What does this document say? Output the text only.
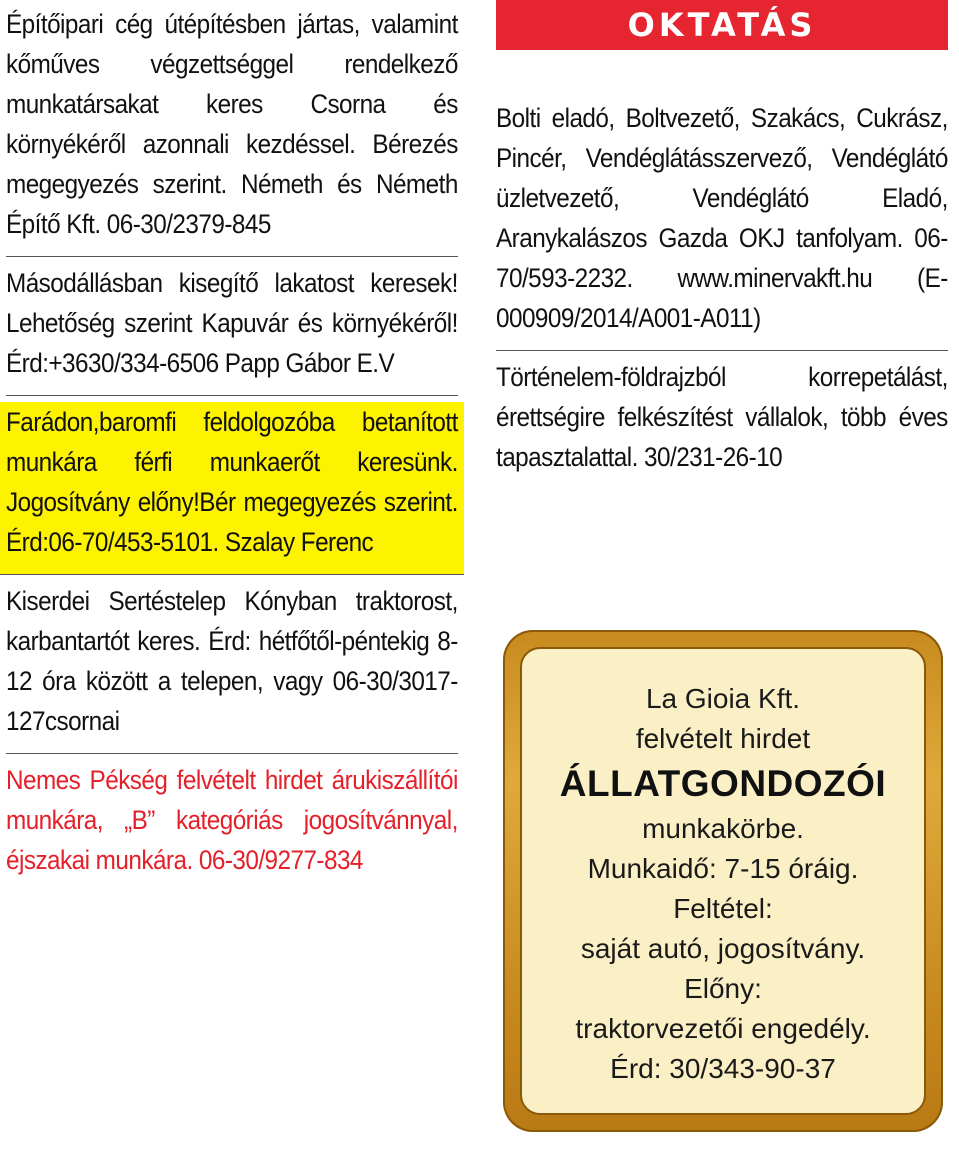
Építőipari cég útépítésben jártas, valamint kőműves végzettséggel rendelkező munkatársakat keres Csorna és környékéről azonnali kezdéssel. Bérezés megegyezés szerint. Németh és Németh Építő Kft. 06-30/2379-845

Másodállásban kisegítő lakatost keresek! Lehetőség szerint Kapuvár és környékéről! Érd:+3630/334-6506 Papp Gábor E.V

Farádon,baromfi feldolgozóba betanított munkára férfi munkaerőt keresünk. Jogosítvány előny!Bér megegyezés szerint. Érd:06-70/453-5101. Szalay Ferenc

Kiserdei Sertéstelep Kónyban traktorost, karbantartót keres. Érd: hétfőtől-péntekig 8-12 óra között a telepen, vagy 06-30/3017-127csornai

Nemes Pékség felvételt hirdet árukiszállítói munkára, „B” kategóriás jogosítvánnyal, éjszakai munkára. 06-30/9277-834

OKTATÁS

Bolti eladó, Boltvezető, Szakács, Cukrász, Pincér, Vendéglátásszervező, Vendéglátó üzletvezető, Vendéglátó Eladó, Aranykalászos Gazda OKJ tanfolyam. 06-70/593-2232. www.minervakft.hu (E-000909/2014/A001-A011)

Történelem-földrajzból korrepetálást, érettségire felkészítést vállalok, több éves tapasztalattal. 30/231-26-10

La Gioia Kft.
felvételt hirdet
ÁLLATGONDOZÓI
munkakörbe.
Munkaidő: 7-15 óráig.
Feltétel:
saját autó, jogosítvány.
Előny:
traktorvezetői engedély.
Érd: 30/343-90-37
